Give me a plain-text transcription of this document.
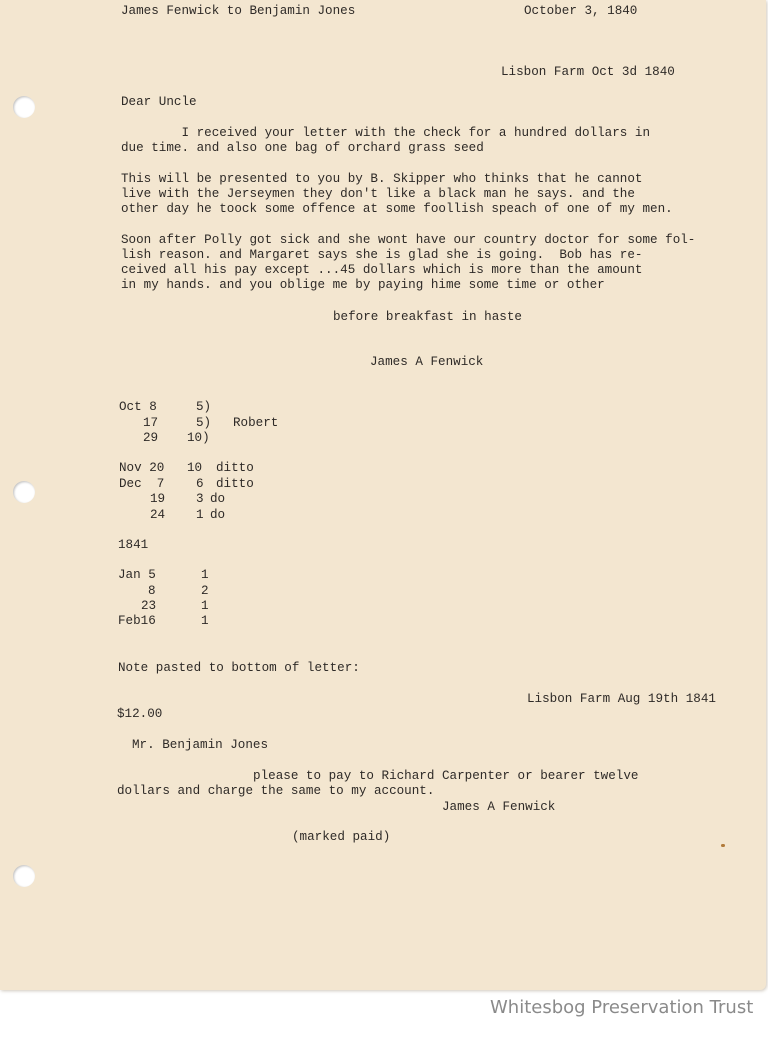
James Fenwick to Benjamin Jones	October 3, 1840
Lisbon Farm Oct 3d 1840
Dear Uncle
I received your letter with the check for a hundred dollars in
due time. and also one bag of orchard grass seed
This will be presented to you by B. Skipper who thinks that he cannot
live with the Jerseymen they don't like a black man he says. and the
other day he toock some offence at some foollish speach of one of my men.
Soon after Polly got sick and she wont have our country doctor for some fol-
lish reason. and Margaret says she is glad she is going.  Bob has re-
ceived all his pay except ...45 dollars which is more than the amount
in my hands. and you oblige me by paying hime some time or other
before breakfast in haste
James A Fenwick
Oct 8	5)
17	5) Robert
29 10)
Nov 20 10 ditto
Dec  7	6 ditto
19 3 do
24 1 do
1841
Jan 5	1
8	2
23	1
Feb16	1
Note pasted to bottom of letter:
Lisbon Farm Aug 19th 1841
$12.00
Mr. Benjamin Jones
please to pay to Richard Carpenter or bearer twelve
dollars and charge the same to my account.
James A Fenwick
(marked paid)
Whitesbog Preservation Trust
